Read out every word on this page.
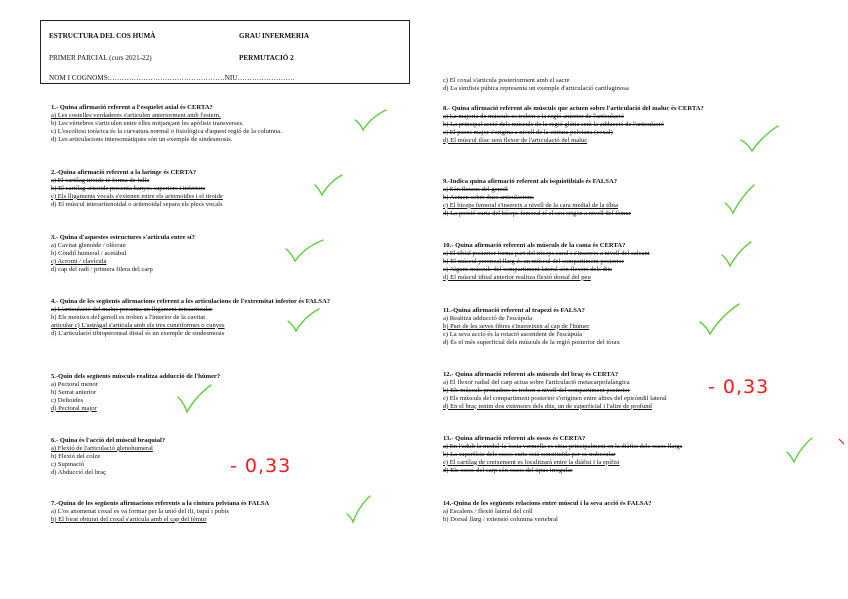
ESTRUCTURA DEL COS HUMÀ	GRAU INFERMERIA
PRIMER PARCIAL (curs 2021-22)	PERMUTACIÓ 2
NOM I COGNOMS:…………………………………………NIU……………………
1.- Quina afirmació referent a l'esquelet axial és CERTA?
a) Les costelles verdaderes s'articulen anteriorment amb l'estern.
b) Les vèrtebres s'articulen entre elles mitjançant les apòfisis transverses.
c) L'escoliosi toràcica és la curvatura normal o fisiològica d'aquest regió de la columna.
d) Les articulacions intersomàtiques són un exemple de sindesmosis.
2.-Quina afirmació referent a la laringe és CERTA?
a) El cartílag tiroide té forma de fulla
b) El cartílag cricoide presenta banyes superiors i inferiors
c) Els lligaments vocals s'extenen entre els aritenoides i el tiroide
d) El múscul interaritenoidal o aritenoidal separa els plecs vocals
3.- Quina d'aquestes estructures s'articula entre sí?
a) Cavitat glenoide / olècran
b) Còndil humeral / acetàbul
c) Acromi / clavícula
d) cap del radi / primera filera del carp
4.- Quina de les següents afirmacions referent a les articulacions de l'extremitat inferior és FALSA?
a) L'articulació del maluc presenta un lligament intraarticular
b) Els meniscs del genoll es troben a l'interior de la cavitat
articular c) L'astràgal s'articula amb els tres cuneïformes o cunyes
d) L'articulació tibioperoneal distal és un exemple de sindesmosis
5.-Quin dels següents músculs realitza adducció de l'húmer?
a) Pectoral menor
b) Serrat anterior
c) Deltoides
d) Pectoral major
6.- Quina és l'acció del múscul braquial?
a) Flexió de l'articulació glenohumeral
b) Flexió del colze
c) Supinació
d) Abducció del braç
7.-Quina de les següents afirmacions referents a la cintura pelviana és FALSA
a) L'os anomenat coxal es va formar per la unió del ili, isquí i pubis
b) El forat obturat del coxal s'articula amb el cap del fèmur
c) El coxal s'articula posteriorment amb el sacre
d) La símfisis púbica representa un exemple d'articulació cartilaginosa
8.- Quina afirmació referent als músculs que actuen sobre l'articulació del maluc és CERTA?
a) La majoria de músculs es troben a la regió anterior de l'articulació
b) La principal acció dels músculs de la regió glútia serà la adducció de l'articulació
c) El psoes major s'origina a nivell de la cintura pelviana (coxal)
d) El múscul ilíac serà flexor de l'articulació del maluc
9.-Indica quina afirmació referent als isquiotibials és FALSA?
a) Són flexors del genoll
b) Actuen sobre dues articulacions
c) El bíceps femoral s'insereix a nivell de la cara medial de la tíbia
d) La porció curta del bíceps femoral té el seu origen a nivell del fèmur
10.- Quina afirmació referent als músculs de la cama és CERTA?
a) El tibial posterior forma part del tríceps sural i s'insereix a nivell del calcani
b) El múscul peroneal llarg és un múscul del compartiment posterior
c) Alguns músculs del compartiment lateral són flexors dels dits
d) El múscul tibial anterior realitza flexió dorsal del peu
11.-Quina afirmació referent al trapezi és FALSA?
a) Realitza adducció de l'escàpula
b) Part de les seves fibres s'insereixen al cap de l'húmer
c) La seva acció és la rotació ascendent de l'escàpula
d) És el més superficial dels músculs de la regió posterior del tòrax
12.- Quina afirmació referent als músculs del braç és CERTA?
a) El flexor radial del carp actua sobre l'articulació metacarpofalàngica
b) Els músculs pronadors es troben a nivell del compartiment posterior
c) Els músculs del compartiment posterior s'originen entre altres del epicòndil lateral
d) En el braç tenim dos extensors dels dits, un de superficial i l'altre de profund
13.- Quina afirmació referent als ossos és CERTA?
a) En l'adult la medul·la òssia vermella es situa principalment en la diàfisi dels ossos llargs
b) La superfície dels ossos curts està constituïda per os trabecular
c) El cartílag de creixement es localitzarà entre la diàfisi i la epífisi
d) Els ossos del carp són ossos del tipus irregular
14.-Quina de les següents relacions entre múscul i la seva acció és FALSA?
a) Escalens / flexió lateral del coll
b) Dorsal llarg / extensió columna vertebral
- 0,33
- 0,33
